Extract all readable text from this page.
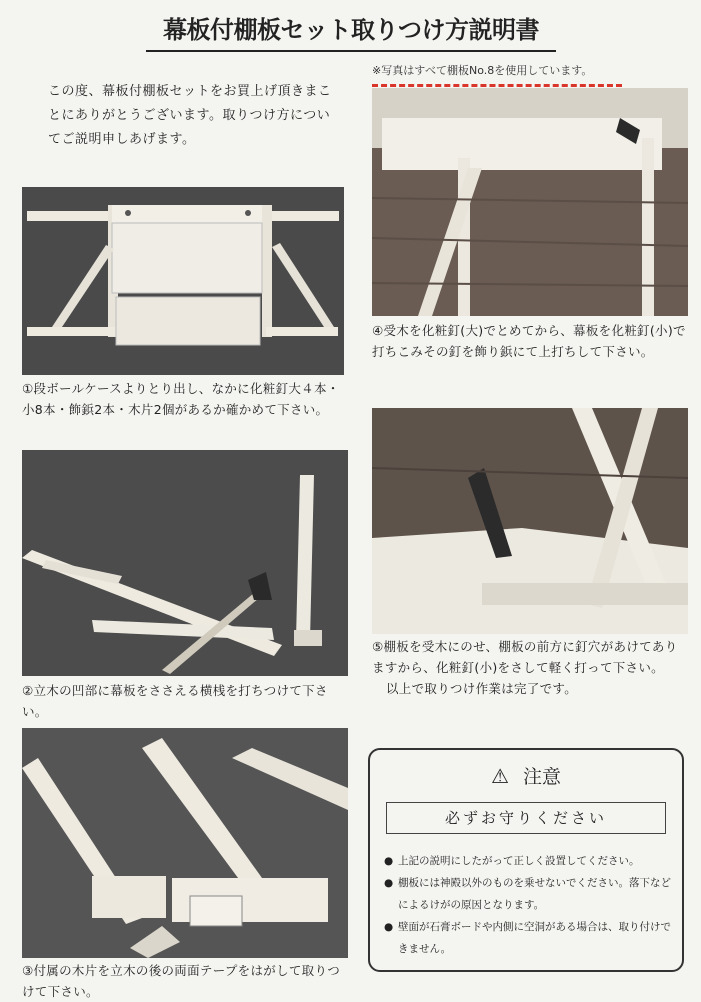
幕板付棚板セット取りつけ方説明書
この度、幕板付棚板セットをお買上げ頂きまことにありがとうございます。取りつけ方についてご説明申しあげます。
※写真はすべて棚板No.8を使用しています。
①段ボールケースよりとり出し、なかに化粧釘大４本・小8本・飾鋲2本・木片2個があるか確かめて下さい。
②立木の凹部に幕板をささえる横桟を打ちつけて下さい。
③付属の木片を立木の後の両面テープをはがして取りつけて下さい。
④受木を化粧釘(大)でとめてから、幕板を化粧釘(小)で打ちこみその釘を飾り鋲にて上打ちして下さい。
⑤棚板を受木にのせ、棚板の前方に釘穴があけてありますから、化粧釘(小)をさして軽く打って下さい。
以上で取りつけ作業は完了です。
⚠ 注意
必ずお守りください
● 上記の説明にしたがって正しく設置してください。
● 棚板には神殿以外のものを乗せないでください。落下などによるけがの原因となります。
● 壁面が石膏ボードや内側に空洞がある場合は、取り付けできません。
